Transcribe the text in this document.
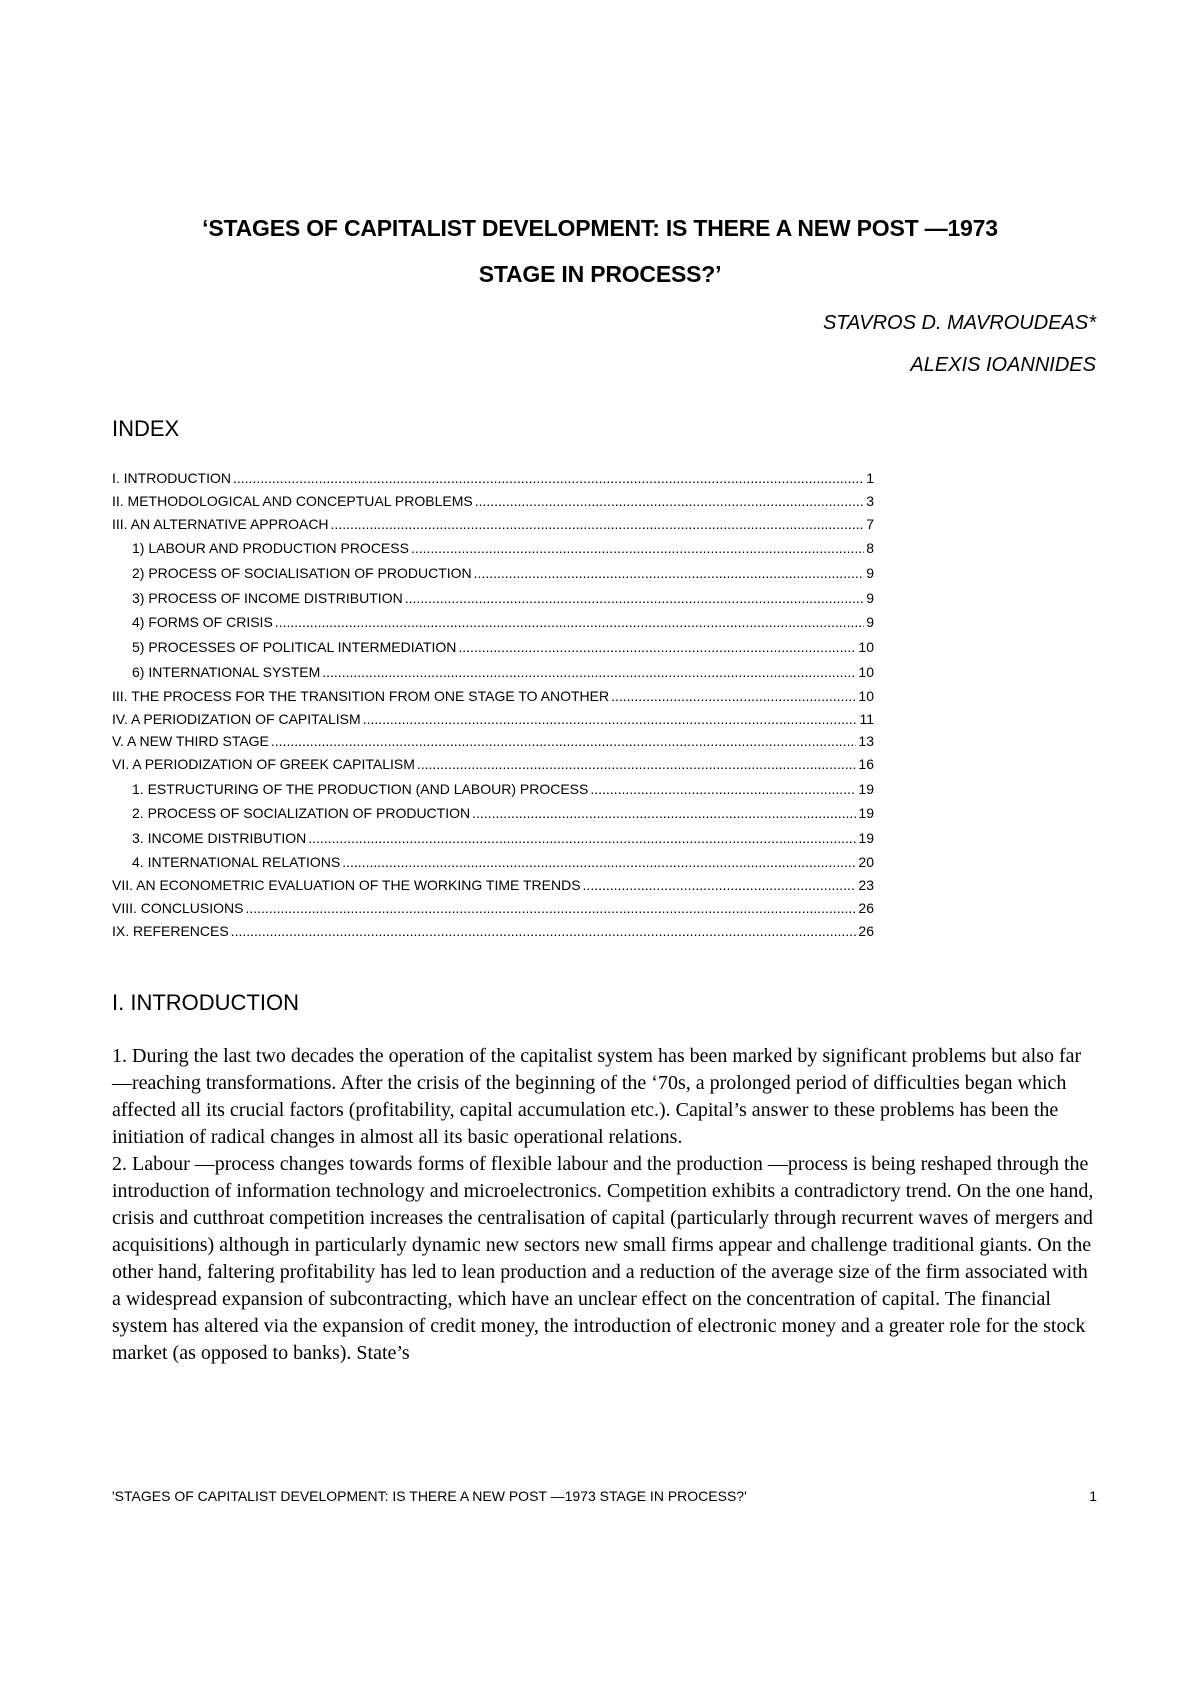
‘STAGES OF CAPITALIST DEVELOPMENT: IS THERE A NEW POST —1973
STAGE IN PROCESS?’

STAVROS D. MAVROUDEAS*

ALEXIS IOANNIDES

INDEX
I. INTRODUCTION .....	1
II. METHODOLOGICAL AND CONCEPTUAL PROBLEMS .....	3
III. AN ALTERNATIVE APPROACH .....	7
1) LABOUR AND PRODUCTION PROCESS .....	8
2) PROCESS OF SOCIALISATION OF PRODUCTION .....	9
3) PROCESS OF INCOME DISTRIBUTION .....	9
4) FORMS OF CRISIS .....	9
5) PROCESSES OF POLITICAL INTERMEDIATION .....	10
6) INTERNATIONAL SYSTEM .....	10
III. THE PROCESS FOR THE TRANSITION FROM ONE STAGE TO ANOTHER .....	10
IV. A PERIODIZATION OF CAPITALISM .....	11
V. A NEW THIRD STAGE .....	13
VI. A PERIODIZATION OF GREEK CAPITALISM .....	16
1. ESTRUCTURING OF THE PRODUCTION (AND LABOUR) PROCESS .....	19
2. PROCESS OF SOCIALIZATION OF PRODUCTION .....	19
3. INCOME DISTRIBUTION .....	19
4. INTERNATIONAL RELATIONS .....	20
VII. AN ECONOMETRIC EVALUATION OF THE WORKING TIME TRENDS .....	23
VIII. CONCLUSIONS .....	26
IX. REFERENCES .....	26
I. INTRODUCTION

1. During the last two decades the operation of the capitalist system has been marked by significant problems but also far —reaching transformations. After the crisis of the beginning of the ‘70s, a prolonged period of difficulties began which affected all its crucial factors (profitability, capital accumulation etc.). Capital’s answer to these problems has been the initiation of radical changes in almost all its basic operational relations.

2. Labour —process changes towards forms of flexible labour and the production —process is being reshaped through the introduction of information technology and microelectronics. Competition exhibits a contradictory trend. On the one hand, crisis and cutthroat competition increases the centralisation of capital (particularly through recurrent waves of mergers and acquisitions) although in particularly dynamic new sectors new small firms appear and challenge traditional giants. On the other hand, faltering profitability has led to lean production and a reduction of the average size of the firm associated with a widespread expansion of subcontracting, which have an unclear effect on the concentration of capital. The financial system has altered via the expansion of credit money, the introduction of electronic money and a greater role for the stock market (as opposed to banks). State’s

'STAGES OF CAPITALIST DEVELOPMENT: IS THERE A NEW POST —1973 STAGE IN PROCESS?'	1
